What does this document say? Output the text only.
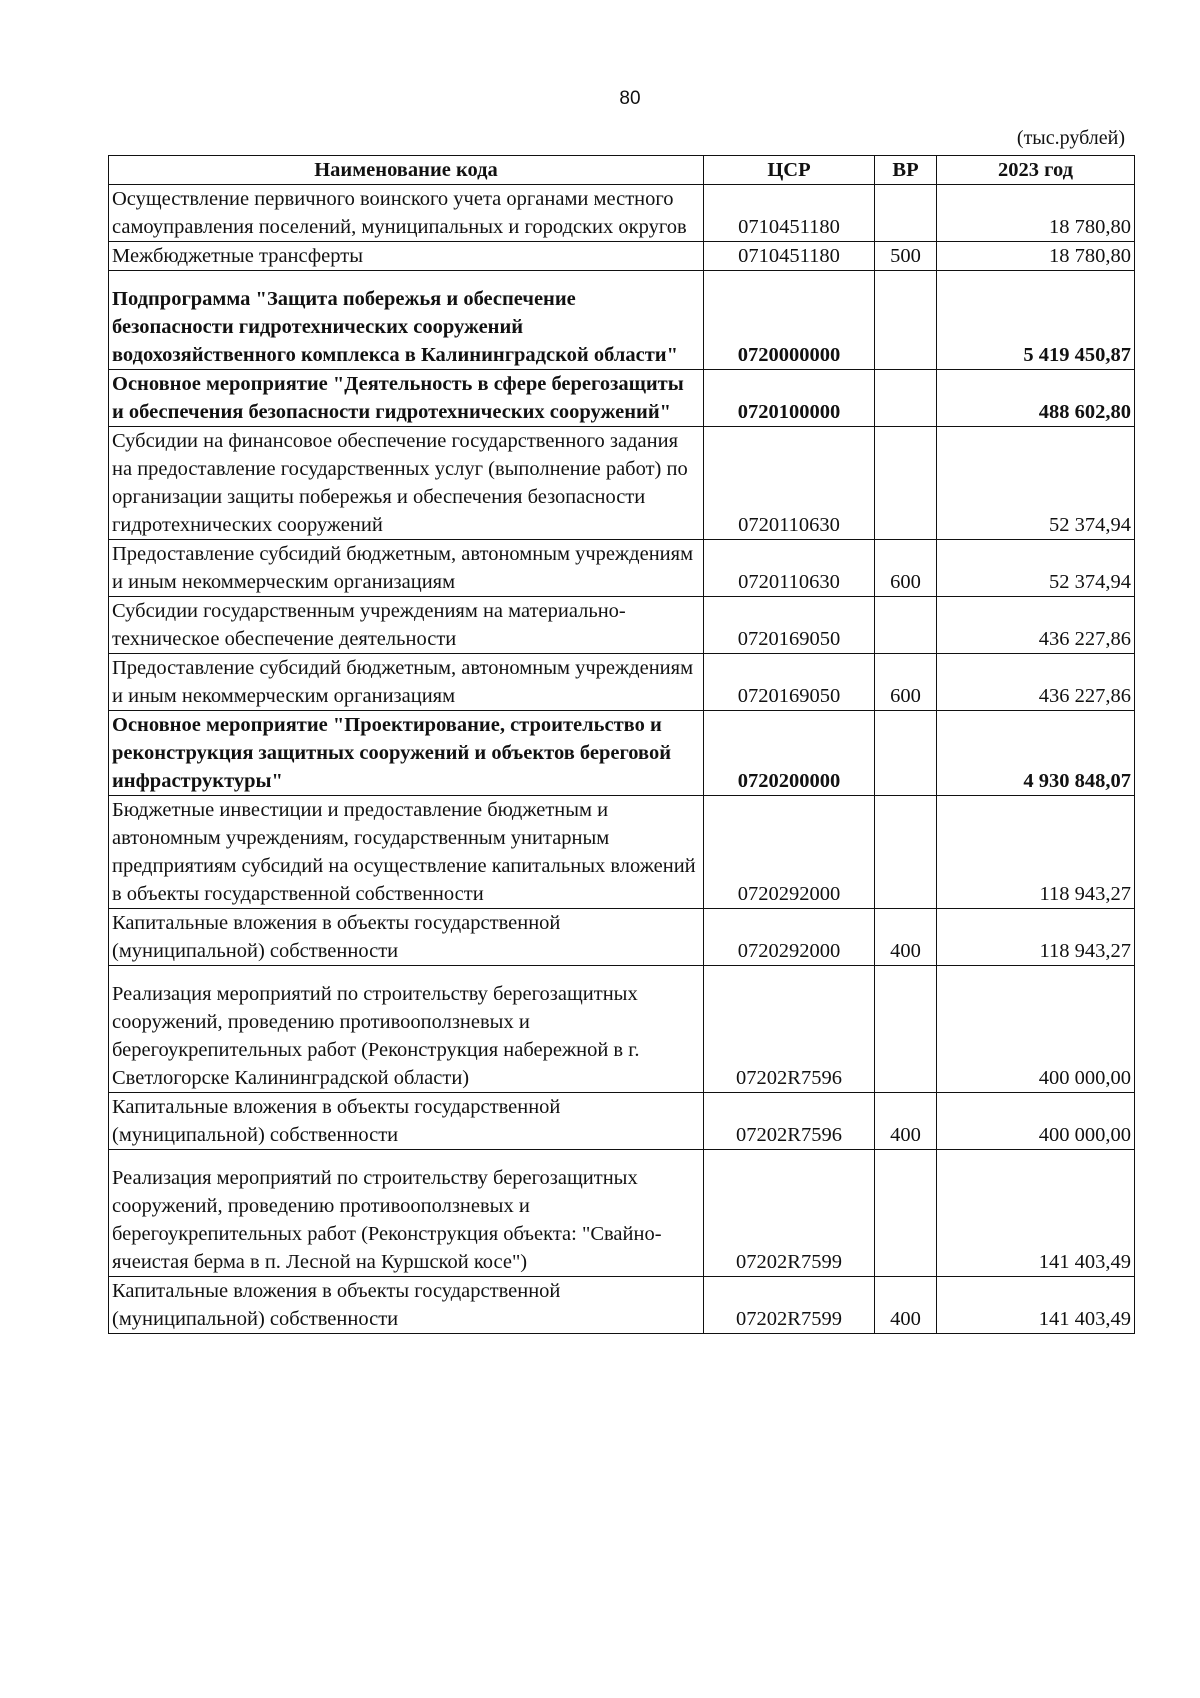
80
(тыс.рублей)
Наименование кода	ЦСР	ВР	2023 год
Осуществление первичного воинского учета органами местного самоуправления поселений, муниципальных и городских округов	0710451180		18 780,80
Межбюджетные трансферты	0710451180	500	18 780,80
Подпрограмма "Защита побережья и обеспечение безопасности гидротехнических сооружений водохозяйственного комплекса в Калининградской области"	0720000000		5 419 450,87
Основное мероприятие "Деятельность в сфере берегозащиты и обеспечения безопасности гидротехнических сооружений"	0720100000		488 602,80
Субсидии на финансовое обеспечение государственного задания на предоставление государственных услуг (выполнение работ) по организации защиты побережья и обеспечения безопасности гидротехнических сооружений	0720110630		52 374,94
Предоставление субсидий бюджетным, автономным учреждениям и иным некоммерческим организациям	0720110630	600	52 374,94
Субсидии государственным учреждениям на материально-техническое обеспечение деятельности	0720169050		436 227,86
Предоставление субсидий бюджетным, автономным учреждениям и иным некоммерческим организациям	0720169050	600	436 227,86
Основное мероприятие "Проектирование, строительство и реконструкция защитных сооружений и объектов береговой инфраструктуры"	0720200000		4 930 848,07
Бюджетные инвестиции и предоставление бюджетным и автономным учреждениям, государственным унитарным предприятиям субсидий на осуществление капитальных вложений в объекты государственной собственности	0720292000		118 943,27
Капитальные вложения в объекты государственной (муниципальной) собственности	0720292000	400	118 943,27
Реализация мероприятий по строительству берегозащитных сооружений, проведению противооползневых и берегоукрепительных работ (Реконструкция набережной в г. Светлогорске Калининградской области)	07202R7596		400 000,00
Капитальные вложения в объекты государственной (муниципальной) собственности	07202R7596	400	400 000,00
Реализация мероприятий по строительству берегозащитных сооружений, проведению противооползневых и берегоукрепительных работ (Реконструкция объекта: "Свайно-ячеистая берма в п. Лесной на Куршской косе")	07202R7599		141 403,49
Капитальные вложения в объекты государственной (муниципальной) собственности	07202R7599	400	141 403,49
